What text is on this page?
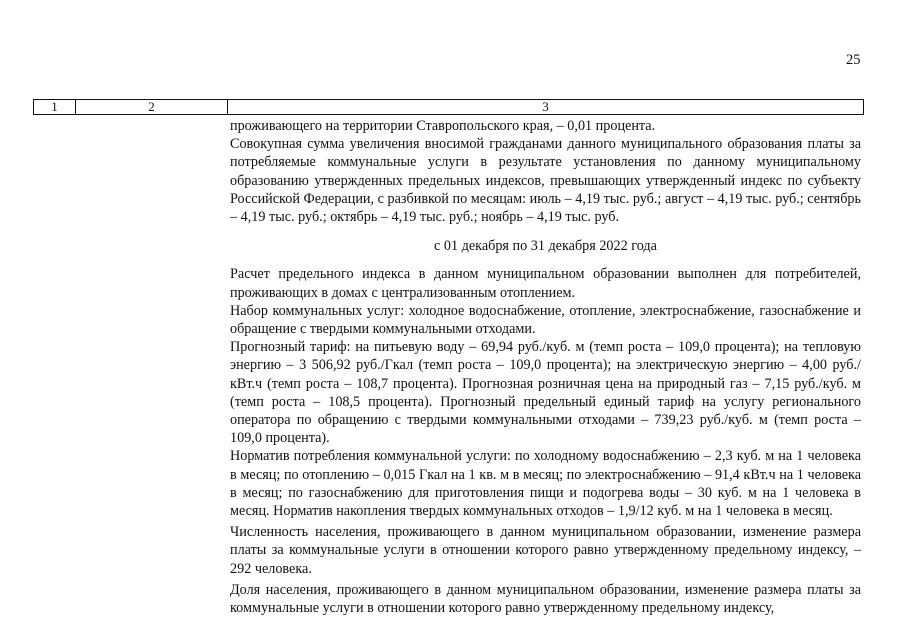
25
1	2	3

проживающего на территории Ставропольского края, – 0,01 процента.

Совокупная сумма увеличения вносимой гражданами данного муниципального образования платы за потребляемые коммунальные услуги в результате установления по данному муниципальному образованию утвержденных предельных индексов, превышающих утвержденный индекс по субъекту Российской Федерации, с разбивкой по месяцам: июль – 4,19 тыс. руб.; август – 4,19 тыс. руб.; сентябрь – 4,19 тыс. руб.; октябрь – 4,19 тыс. руб.; ноябрь – 4,19 тыс. руб.

с 01 декабря по 31 декабря 2022 года

Расчет предельного индекса в данном муниципальном образовании выполнен для потребителей, проживающих в домах с централизованным отоплением.

Набор коммунальных услуг: холодное водоснабжение, отопление, электроснабжение, газоснабжение и обращение с твердыми коммунальными отходами.

Прогнозный тариф: на питьевую воду – 69,94 руб./куб. м (темп роста – 109,0 процента); на тепловую энергию – 3 506,92 руб./Гкал (темп роста – 109,0 процента); на электрическую энергию – 4,00 руб./кВт.ч (темп роста – 108,7 процента). Прогнозная розничная цена на природный газ – 7,15 руб./куб. м (темп роста – 108,5 процента). Прогнозный предельный единый тариф на услугу регионального оператора по обращению с твердыми коммунальными отходами – 739,23 руб./куб. м (темп роста – 109,0 процента).

Норматив потребления коммунальной услуги: по холодному водоснабжению – 2,3 куб. м на 1 человека в месяц; по отоплению – 0,015 Гкал на 1 кв. м в месяц; по электроснабжению – 91,4 кВт.ч на 1 человека в месяц; по газоснабжению для приготовления пищи и подогрева воды – 30 куб. м на 1 человека в месяц. Норматив накопления твердых коммунальных отходов – 1,9/12 куб. м на 1 человека в месяц.

Численность населения, проживающего в данном муниципальном образовании, изменение размера платы за коммунальные услуги в отношении которого равно утвержденному предельному индексу, – 292 человека.

Доля населения, проживающего в данном муниципальном образовании, изменение размера платы за коммунальные услуги в отношении которого равно утвержденному предельному индексу,
